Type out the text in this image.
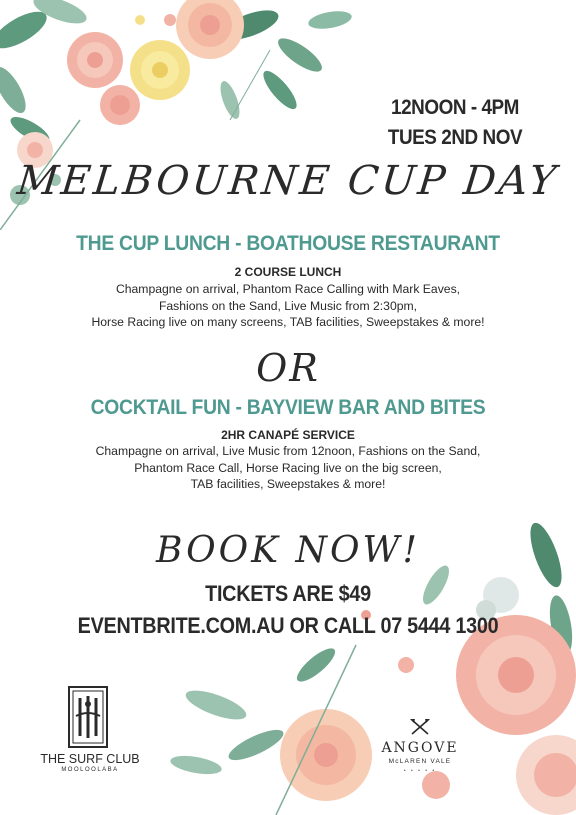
12NOON - 4PM
TUES 2ND NOV
MELBOURNE CUP DAY
THE CUP LUNCH - BOATHOUSE RESTAURANT
2 COURSE LUNCH
Champagne on arrival, Phantom Race Calling with Mark Eaves,
Fashions on the Sand, Live Music from 2:30pm,
Horse Racing live on many screens, TAB facilities, Sweepstakes & more!
OR
COCKTAIL FUN - BAYVIEW BAR AND BITES
2HR CANAPÉ SERVICE
Champagne on arrival, Live Music from 12noon, Fashions on the Sand,
Phantom Race Call, Horse Racing live on the big screen,
TAB facilities, Sweepstakes & more!
BOOK NOW!
TICKETS ARE $49
EVENTBRITE.COM.AU OR CALL 07 5444 1300
THE SURF CLUB
MOOLOOLABA
ANGOVE
McLAREN VALE
• • • • •
